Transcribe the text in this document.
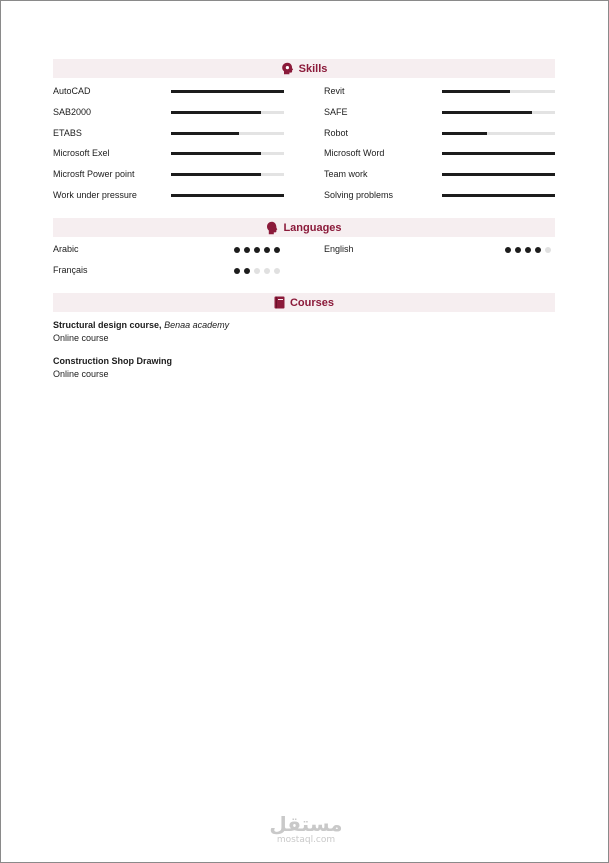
Skills
AutoCAD	Revit
SAB2000	SAFE
ETABS	Robot
Microsoft Exel	Microsoft Word
Microsft Power point	Team work
Work under pressure	Solving problems
Languages
Arabic	English
Français
Courses
Structural design course, Benaa academy
Online course
Construction Shop Drawing
Online course
مستقل
mostaql.com
